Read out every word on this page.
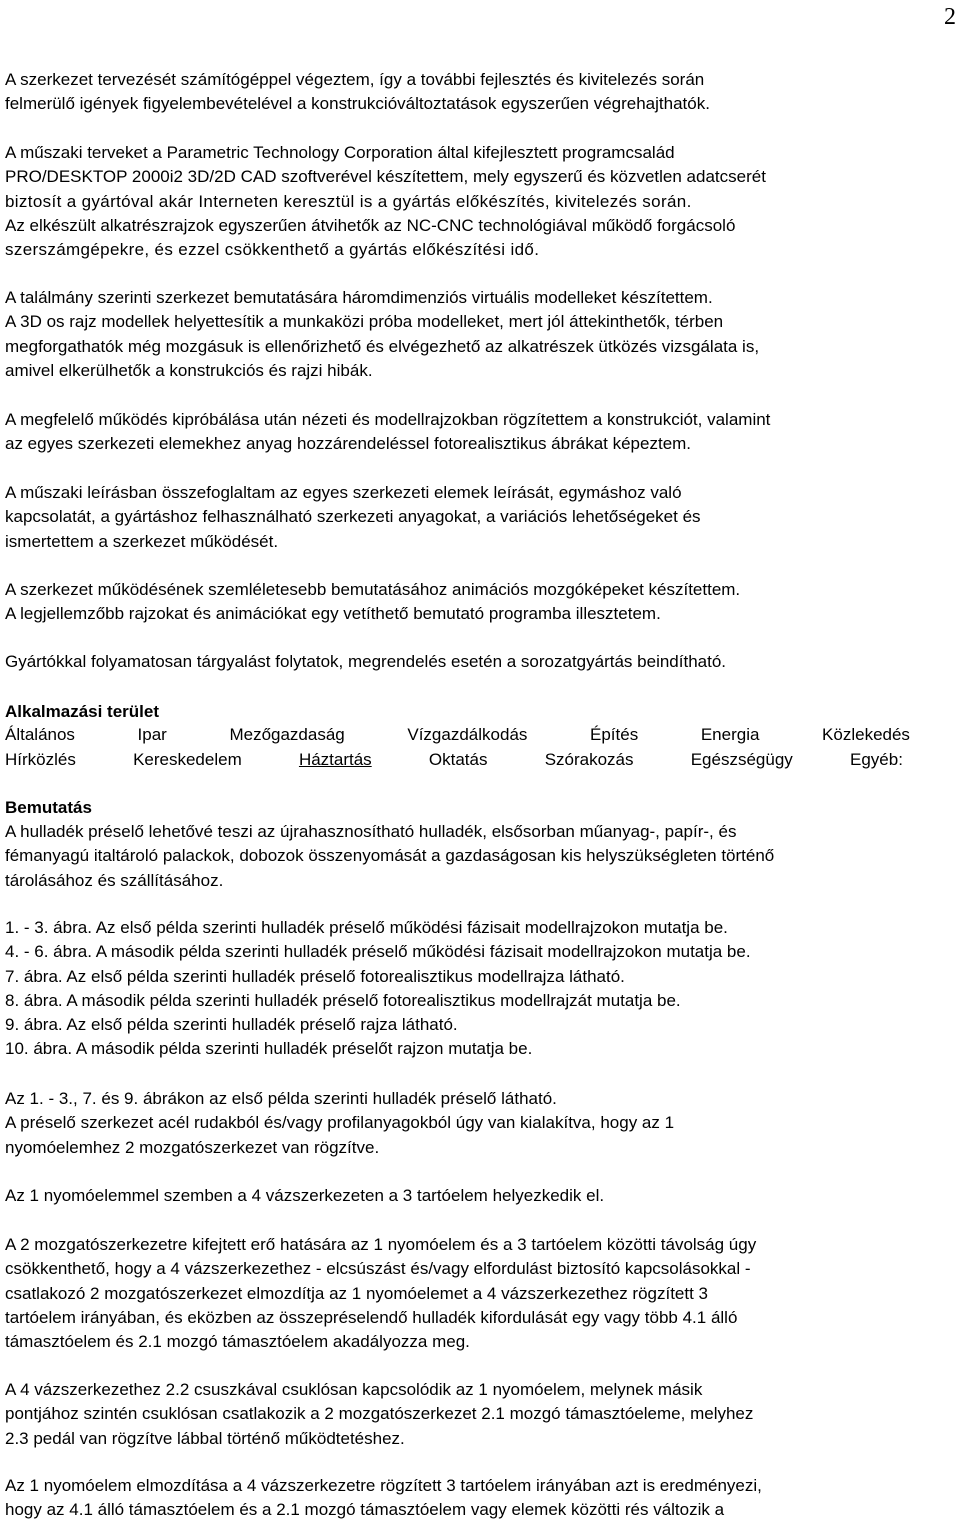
2
A szerkezet tervezését számítógéppel végeztem, így a további fejlesztés és kivitelezés során
felmerülő igények figyelembevételével a konstrukcióváltoztatások egyszerűen végrehajthatók.
A műszaki terveket a Parametric Technology Corporation által kifejlesztett programcsalád
PRO/DESKTOP 2000i2 3D/2D CAD szoftverével készítettem, mely egyszerű és közvetlen adatcserét
biztosít a gyártóval akár Interneten keresztül is a gyártás előkészítés, kivitelezés során.
Az elkészült alkatrészrajzok egyszerűen átvihetők az NC-CNC technológiával működő forgácsoló
szerszámgépekre, és ezzel csökkenthető a gyártás előkészítési idő.
A találmány szerinti szerkezet bemutatására háromdimenziós virtuális modelleket készítettem.
A 3D os rajz modellek helyettesítik a munkaközi próba modelleket, mert jól áttekinthetők, térben
megforgathatók még mozgásuk is ellenőrizhető és elvégezhető az alkatrészek ütközés vizsgálata is,
amivel elkerülhetők a konstrukciós és rajzi hibák.
A megfelelő működés kipróbálása után nézeti és modellrajzokban rögzítettem a konstrukciót, valamint
az egyes szerkezeti elemekhez anyag hozzárendeléssel fotorealisztikus ábrákat képeztem.
A műszaki leírásban összefoglaltam az egyes szerkezeti elemek leírását, egymáshoz való
kapcsolatát, a gyártáshoz felhasználható szerkezeti anyagokat, a variációs lehetőségeket és
ismertettem a szerkezet működését.
A szerkezet működésének szemléletesebb bemutatásához animációs mozgóképeket készítettem.
A legjellemzőbb rajzokat és animációkat egy vetíthető bemutató programba illesztetem.
Gyártókkal folyamatosan tárgyalást folytatok, megrendelés esetén a sorozatgyártás beindítható.
Alkalmazási terület
Általános	Ipar	Mezőgazdaság	Vízgazdálkodás	Építés	Energia	Közlekedés
Hírközlés	Kereskedelem	Háztartás	Oktatás	Szórakozás	Egészségügy	Egyéb:
Bemutatás
A hulladék préselő lehetővé teszi az újrahasznosítható hulladék, elsősorban műanyag-, papír-, és
fémanyagú italtároló palackok, dobozok összenyomását a gazdaságosan kis helyszükségleten történő
tárolásához és szállításához.
1. - 3. ábra. Az első példa szerinti hulladék préselő működési fázisait modellrajzokon mutatja be.
4. - 6. ábra. A második példa szerinti hulladék préselő működési fázisait modellrajzokon mutatja be.
7. ábra. Az első példa szerinti hulladék préselő fotorealisztikus modellrajza látható.
8. ábra. A második példa szerinti hulladék préselő fotorealisztikus modellrajzát mutatja be.
9. ábra. Az első példa szerinti hulladék préselő rajza látható.
10. ábra. A második példa szerinti hulladék préselőt rajzon mutatja be.
Az 1. - 3., 7. és 9. ábrákon az első példa szerinti hulladék préselő látható.
A préselő szerkezet acél rudakból és/vagy profilanyagokból úgy van kialakítva, hogy az 1
nyomóelemhez 2 mozgatószerkezet van rögzítve.
Az 1 nyomóelemmel szemben a 4 vázszerkezeten a 3 tartóelem helyezkedik el.
A 2 mozgatószerkezetre kifejtett erő hatására az 1 nyomóelem és a 3 tartóelem közötti távolság úgy
csökkenthető, hogy a 4 vázszerkezethez - elcsúszást és/vagy elfordulást biztosító kapcsolásokkal -
csatlakozó 2 mozgatószerkezet elmozdítja az 1 nyomóelemet a 4 vázszerkezethez rögzített 3
tartóelem irányában, és eközben az összepréselendő hulladék kifordulását egy vagy több 4.1 álló
támasztóelem és 2.1 mozgó támasztóelem akadályozza meg.
A 4 vázszerkezethez 2.2 csuszkával csuklósan kapcsolódik az 1 nyomóelem, melynek másik
pontjához szintén csuklósan csatlakozik a 2 mozgatószerkezet 2.1 mozgó támasztóeleme, melyhez
2.3 pedál van rögzítve lábbal történő működtetéshez.
Az 1 nyomóelem elmozdítása a 4 vázszerkezetre rögzített 3 tartóelem irányában azt is eredményezi,
hogy az 4.1 álló támasztóelem és a 2.1 mozgó támasztóelem vagy elemek közötti rés változik a
